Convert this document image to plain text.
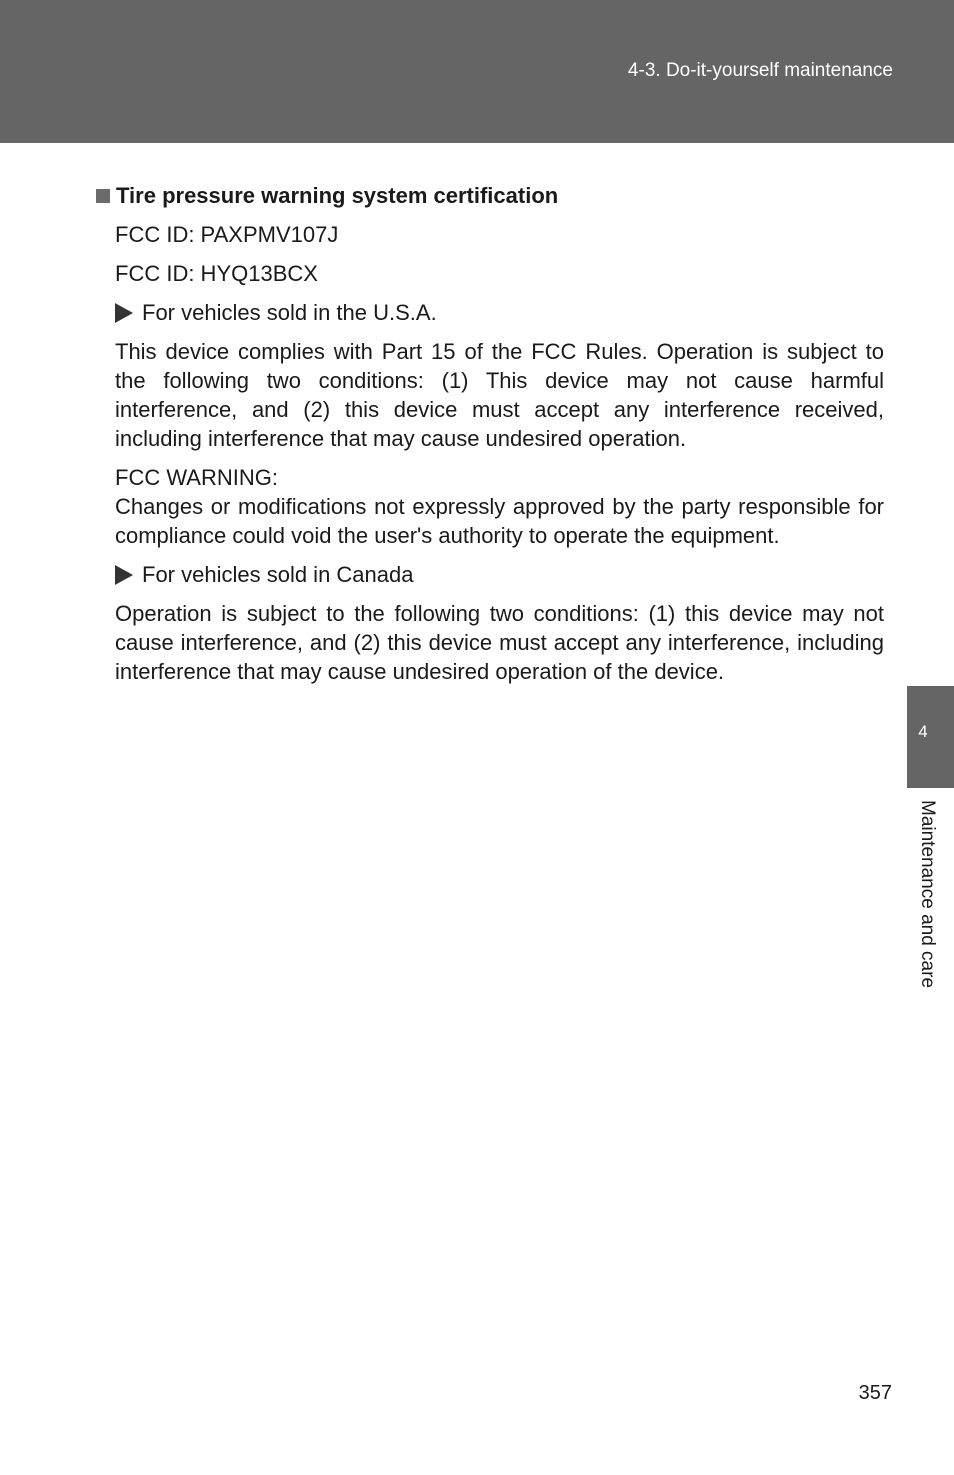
4-3. Do-it-yourself maintenance
Tire pressure warning system certification
FCC ID: PAXPMV107J
FCC ID: HYQ13BCX
For vehicles sold in the U.S.A.
This device complies with Part 15 of the FCC Rules. Operation is subject to the following two conditions: (1) This device may not cause harmful interference, and (2) this device must accept any interference received, including interference that may cause undesired operation.
FCC WARNING:
Changes or modifications not expressly approved by the party responsible for compliance could void the user's authority to operate the equipment.
For vehicles sold in Canada
Operation is subject to the following two conditions: (1) this device may not cause interference, and (2) this device must accept any interference, including interference that may cause undesired operation of the device.
4
Maintenance and care
357
